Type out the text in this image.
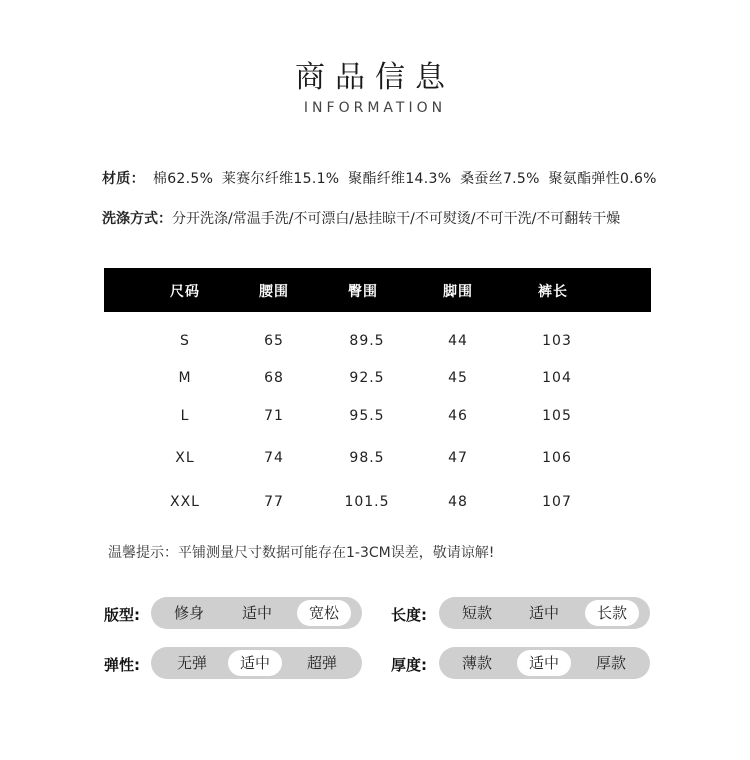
商品信息
INFORMATION
材质： 棉62.5% 莱赛尔纤维15.1% 聚酯纤维14.3% 桑蚕丝7.5% 聚氨酯弹性0.6%
洗涤方式：分开洗涤/常温手洗/不可漂白/悬挂晾干/不可熨烫/不可干洗/不可翻转干燥
尺码	腰围	臀围	脚围	裤长
S	65	89.5	44	103
M	68	92.5	45	104
L	71	95.5	46	105
XL	74	98.5	47	106
XXL	77	101.5	48	107
温馨提示：平铺测量尺寸数据可能存在1-3CM误差，敬请谅解!
版型:	修身	适中	宽松	长度:	短款	适中	长款
弹性:	无弹	适中	超弹	厚度:	薄款	适中	厚款
